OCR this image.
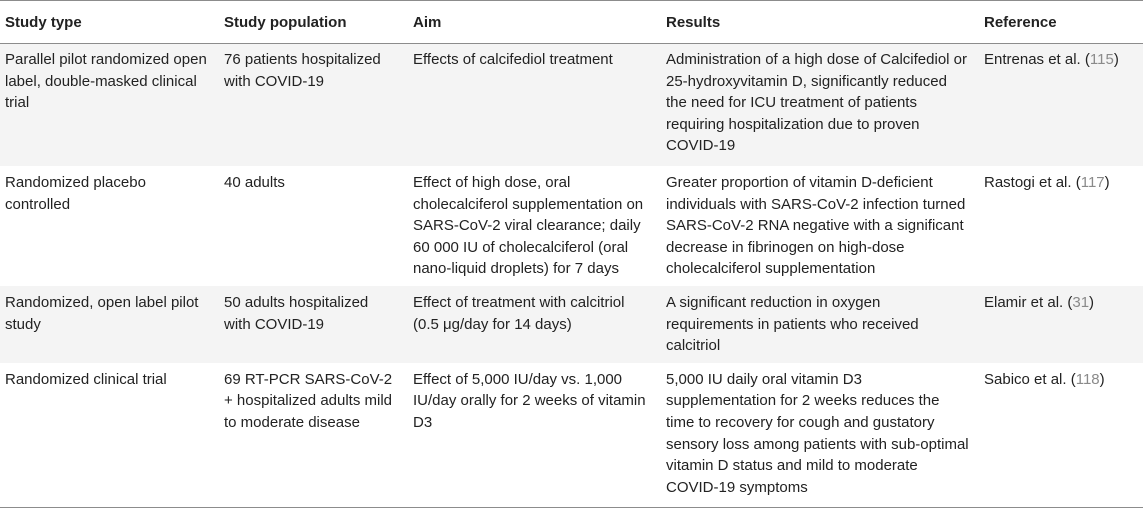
Study type	Study population	Aim	Results	Reference
Parallel pilot randomized open label, double-masked clinical trial	76 patients hospitalized with COVID-19	Effects of calcifediol treatment	Administration of a high dose of Calcifediol or 25-hydroxyvitamin D, significantly reduced the need for ICU treatment of patients requiring hospitalization due to proven COVID-19	Entrenas et al. (115)
Randomized placebo controlled	40 adults	Effect of high dose, oral cholecalciferol supplementation on SARS-CoV-2 viral clearance; daily 60 000 IU of cholecalciferol (oral nano-liquid droplets) for 7 days	Greater proportion of vitamin D-deficient individuals with SARS-CoV-2 infection turned SARS-CoV-2 RNA negative with a significant decrease in fibrinogen on high-dose cholecalciferol supplementation	Rastogi et al. (117)
Randomized, open label pilot study	50 adults hospitalized with COVID-19	Effect of treatment with calcitriol (0.5 μg/day for 14 days)	A significant reduction in oxygen requirements in patients who received calcitriol	Elamir et al. (31)
Randomized clinical trial	69 RT-PCR SARS-CoV-2 + hospitalized adults mild to moderate disease	Effect of 5,000 IU/day vs. 1,000 IU/day orally for 2 weeks of vitamin D3	5,000 IU daily oral vitamin D3 supplementation for 2 weeks reduces the time to recovery for cough and gustatory sensory loss among patients with sub-optimal vitamin D status and mild to moderate COVID-19 symptoms	Sabico et al. (118)
